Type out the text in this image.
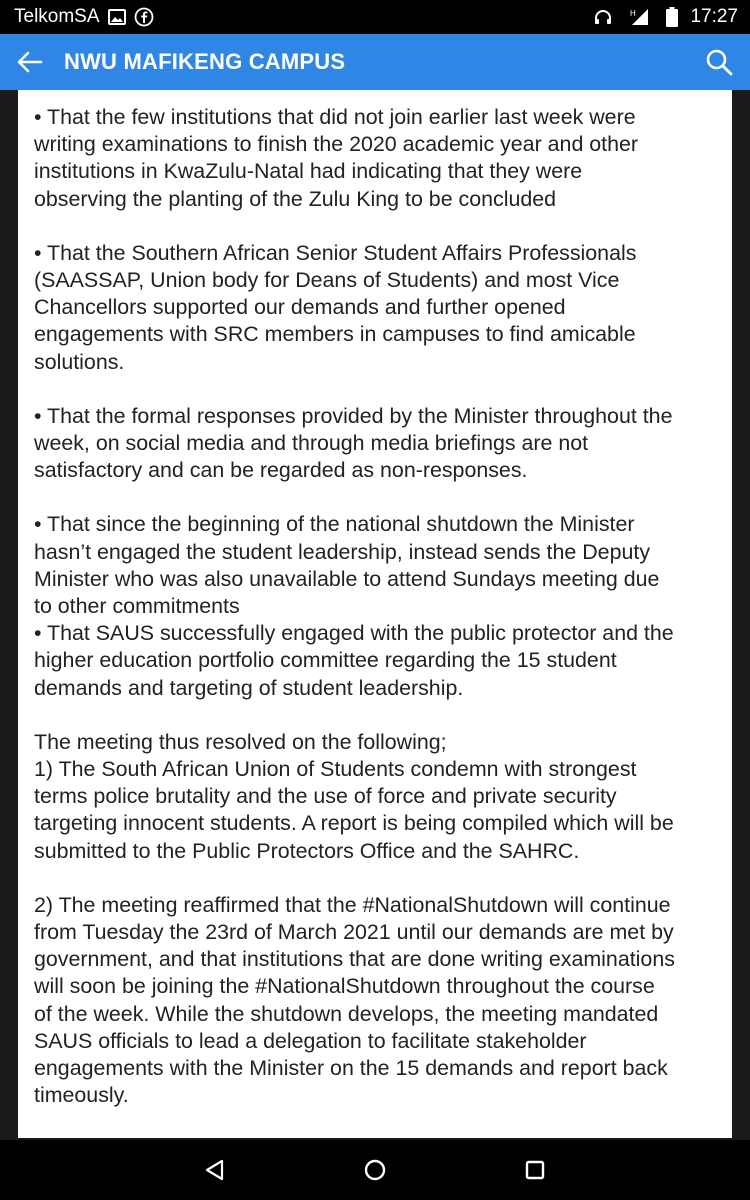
TelkomSA	H	17:27
NWU MAFIKENG CAMPUS

• That the few institutions that did not join earlier last week were
writing examinations to finish the 2020 academic year and other
institutions in KwaZulu-Natal had indicating that they were
observing the planting of the Zulu King to be concluded

• That the Southern African Senior Student Affairs Professionals
(SAASSAP, Union body for Deans of Students) and most Vice
Chancellors supported our demands and further opened
engagements with SRC members in campuses to find amicable
solutions.

• That the formal responses provided by the Minister throughout the
week, on social media and through media briefings are not
satisfactory and can be regarded as non-responses.

• That since the beginning of the national shutdown the Minister
hasn’t engaged the student leadership, instead sends the Deputy
Minister who was also unavailable to attend Sundays meeting due
to other commitments
• That SAUS successfully engaged with the public protector and the
higher education portfolio committee regarding the 15 student
demands and targeting of student leadership.

The meeting thus resolved on the following;
1) The South African Union of Students condemn with strongest
terms police brutality and the use of force and private security
targeting innocent students. A report is being compiled which will be
submitted to the Public Protectors Office and the SAHRC.

2) The meeting reaffirmed that the #NationalShutdown will continue
from Tuesday the 23rd of March 2021 until our demands are met by
government, and that institutions that are done writing examinations
will soon be joining the #NationalShutdown throughout the course
of the week. While the shutdown develops, the meeting mandated
SAUS officials to lead a delegation to facilitate stakeholder
engagements with the Minister on the 15 demands and report back
timeously.
